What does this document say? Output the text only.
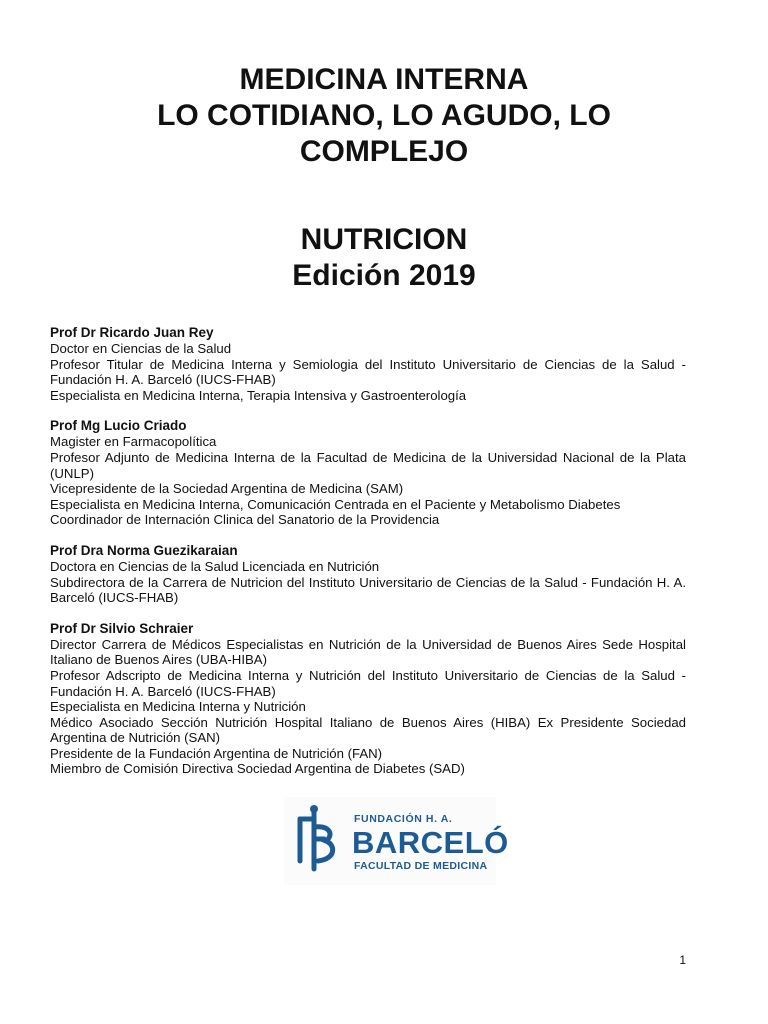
MEDICINA INTERNA
LO COTIDIANO, LO AGUDO, LO
COMPLEJO
NUTRICION
Edición 2019
Prof Dr Ricardo Juan Rey
Doctor en Ciencias de la Salud
Profesor Titular de Medicina Interna y Semiologia del Instituto Universitario de Ciencias de la Salud - Fundación H. A. Barceló (IUCS-FHAB)
Especialista en Medicina Interna, Terapia Intensiva y Gastroenterología
Prof Mg Lucio Criado
Magister en Farmacopolítica
Profesor Adjunto de Medicina Interna de la Facultad de Medicina de la Universidad Nacional de la Plata (UNLP)
Vicepresidente de la Sociedad Argentina de Medicina (SAM)
Especialista en Medicina Interna, Comunicación Centrada en el Paciente y Metabolismo Diabetes
Coordinador de Internación Clinica del Sanatorio de la Providencia
Prof Dra Norma Guezikaraian
Doctora en Ciencias de la Salud Licenciada en Nutrición
Subdirectora de la Carrera de Nutricion del Instituto Universitario de Ciencias de la Salud - Fundación H. A. Barceló (IUCS-FHAB)
Prof Dr Silvio Schraier
Director Carrera de Médicos Especialistas en Nutrición de la Universidad de Buenos Aires Sede Hospital Italiano de Buenos Aires (UBA-HIBA)
Profesor Adscripto de Medicina Interna y Nutrición del Instituto Universitario de Ciencias de la Salud - Fundación H. A. Barceló (IUCS-FHAB)
Especialista en Medicina Interna y Nutrición
Médico Asociado Sección Nutrición Hospital Italiano de Buenos Aires (HIBA) Ex Presidente Sociedad Argentina de Nutrición (SAN)
Presidente de la Fundación Argentina de Nutrición (FAN)
Miembro de Comisión Directiva Sociedad Argentina de Diabetes (SAD)
FUNDACIÓN H. A.
BARCELÓ
FACULTAD DE MEDICINA
1
